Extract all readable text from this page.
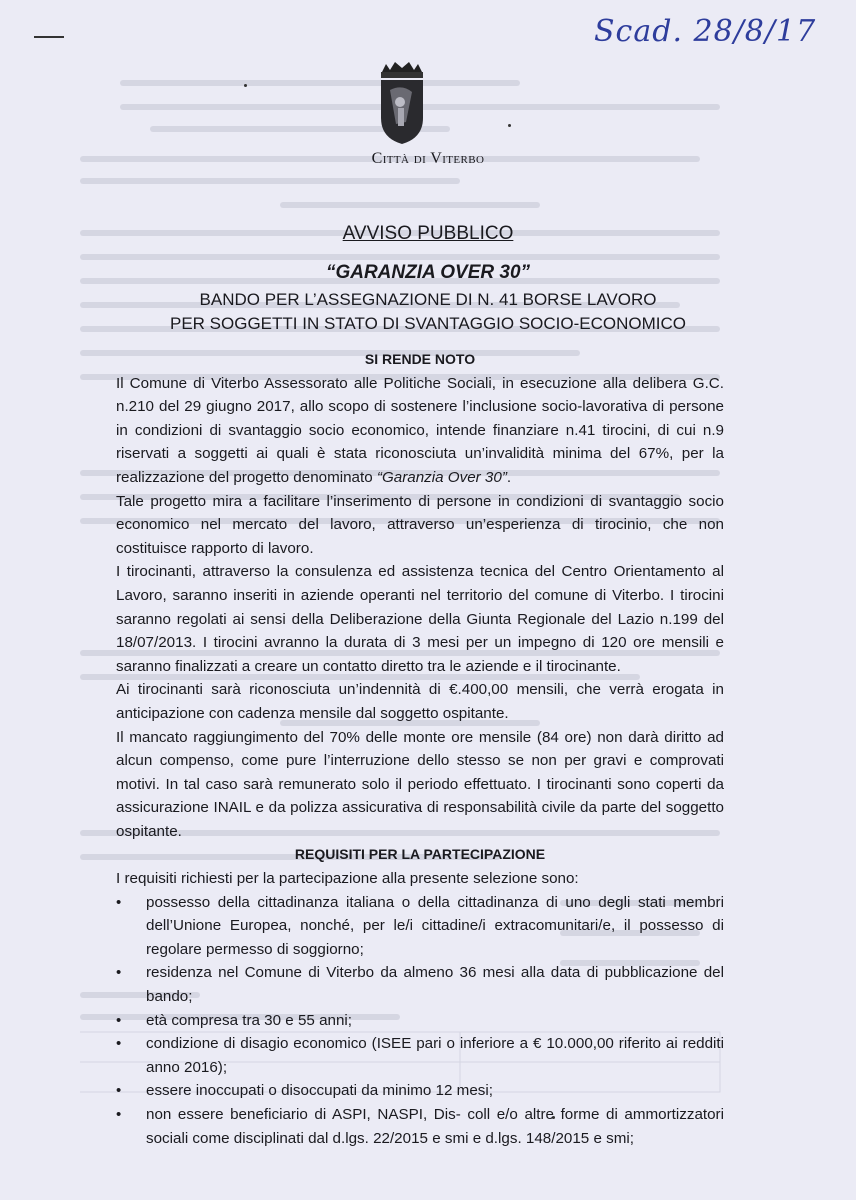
Scad. 28/8/17
Città di Viterbo
AVVISO PUBBLICO
“GARANZIA OVER 30”
BANDO PER L’ASSEGNAZIONE DI N. 41 BORSE LAVORO
PER SOGGETTI IN STATO DI SVANTAGGIO SOCIO-ECONOMICO
SI RENDE NOTO

Il Comune di Viterbo Assessorato alle Politiche Sociali, in esecuzione alla delibera G.C. n.210 del 29 giugno 2017, allo scopo di sostenere l’inclusione socio-lavorativa di persone in condizioni di svantaggio socio economico, intende finanziare n.41 tirocini, di cui n.9 riservati a soggetti ai quali è stata riconosciuta un’invalidità minima del 67%, per la realizzazione del progetto denominato “Garanzia Over 30”.

Tale progetto mira a facilitare l’inserimento di persone in condizioni di svantaggio socio economico nel mercato del lavoro, attraverso un’esperienza di tirocinio, che non costituisce rapporto di lavoro.

I tirocinanti, attraverso la consulenza ed assistenza tecnica del Centro Orientamento al Lavoro, saranno inseriti in aziende operanti nel territorio del comune di Viterbo. I tirocini saranno regolati ai sensi della Deliberazione della Giunta Regionale del Lazio n.199 del 18/07/2013. I tirocini avranno la durata di 3 mesi per un impegno di 120 ore mensili e saranno finalizzati a creare un contatto diretto tra le aziende e il tirocinante.

Ai tirocinanti sarà riconosciuta un’indennità di €.400,00 mensili, che verrà erogata in anticipazione con cadenza mensile dal soggetto ospitante.

Il mancato raggiungimento del 70% delle monte ore mensile (84 ore) non darà diritto ad alcun compenso, come pure l’interruzione dello stesso se non per gravi e comprovati motivi. In tal caso sarà remunerato solo il periodo effettuato. I tirocinanti sono coperti da assicurazione INAIL e da polizza assicurativa di responsabilità civile da parte del soggetto ospitante.

REQUISITI PER LA PARTECIPAZIONE

I requisiti richiesti per la partecipazione alla presente selezione sono:

•	possesso della cittadinanza italiana o della cittadinanza di uno degli stati membri dell’Unione Europea, nonché, per le/i cittadine/i extracomunitari/e, il possesso di regolare permesso di soggiorno;
•	residenza nel Comune di Viterbo da almeno 36 mesi alla data di pubblicazione del bando;
•	età compresa tra 30 e 55 anni;
•	condizione di disagio economico (ISEE pari o inferiore a € 10.000,00 riferito ai redditi anno 2016);
•	essere inoccupati o disoccupati da minimo 12 mesi;
•	non essere beneficiario di ASPI, NASPI, Dis- coll e/o altre forme di ammortizzatori sociali come disciplinati dal d.lgs. 22/2015 e smi e d.lgs. 148/2015 e smi;
